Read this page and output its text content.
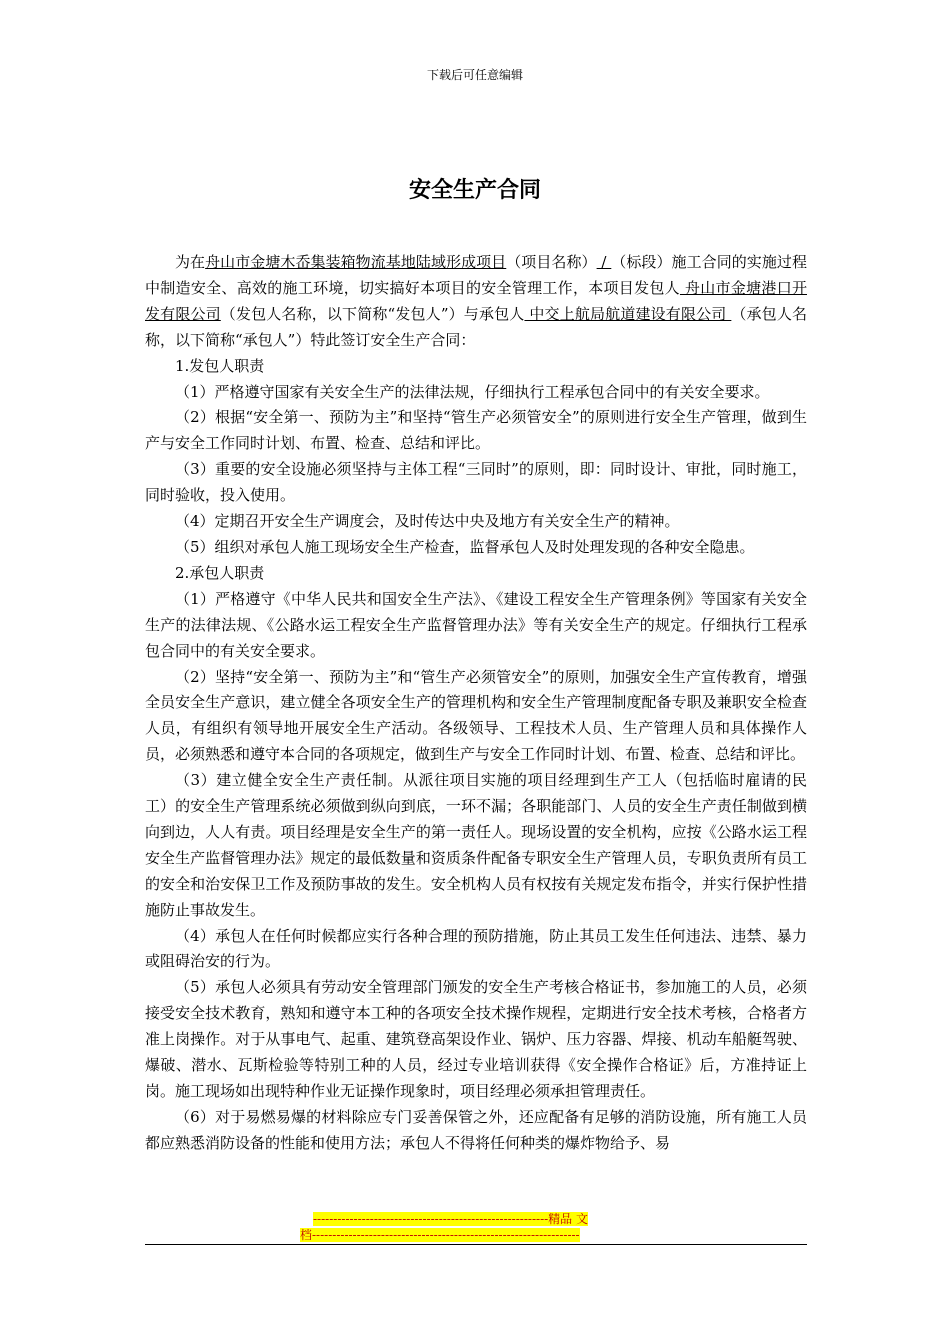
下载后可任意编辑
安全生产合同

为在舟山市金塘木岙集装箱物流基地陆域形成项目（项目名称） / （标段）施工合同的实施过程中制造安全、高效的施工环境，切实搞好本项目的安全管理工作，本项目发包人 舟山市金塘港口开发有限公司（发包人名称，以下简称“发包人”）与承包人 中交上航局航道建设有限公司 （承包人名称，以下简称“承包人”）特此签订安全生产合同：

1.发包人职责

（1）严格遵守国家有关安全生产的法律法规，仔细执行工程承包合同中的有关安全要求。

（2）根据“安全第一、预防为主”和坚持“管生产必须管安全”的原则进行安全生产管理，做到生产与安全工作同时计划、布置、检查、总结和评比。

（3）重要的安全设施必须坚持与主体工程“三同时”的原则，即：同时设计、审批，同时施工，同时验收，投入使用。

（4）定期召开安全生产调度会，及时传达中央及地方有关安全生产的精神。

（5）组织对承包人施工现场安全生产检查，监督承包人及时处理发现的各种安全隐患。

2.承包人职责

（1）严格遵守《中华人民共和国安全生产法》、《建设工程安全生产管理条例》等国家有关安全生产的法律法规、《公路水运工程安全生产监督管理办法》等有关安全生产的规定。仔细执行工程承包合同中的有关安全要求。

（2）坚持“安全第一、预防为主”和“管生产必须管安全”的原则，加强安全生产宣传教育，增强全员安全生产意识，建立健全各项安全生产的管理机构和安全生产管理制度配备专职及兼职安全检查人员，有组织有领导地开展安全生产活动。各级领导、工程技术人员、生产管理人员和具体操作人员，必须熟悉和遵守本合同的各项规定，做到生产与安全工作同时计划、布置、检查、总结和评比。

（3）建立健全安全生产责任制。从派往项目实施的项目经理到生产工人（包括临时雇请的民工）的安全生产管理系统必须做到纵向到底，一环不漏；各职能部门、人员的安全生产责任制做到横向到边，人人有责。项目经理是安全生产的第一责任人。现场设置的安全机构，应按《公路水运工程安全生产监督管理办法》规定的最低数量和资质条件配备专职安全生产管理人员，专职负责所有员工的安全和治安保卫工作及预防事故的发生。安全机构人员有权按有关规定发布指令，并实行保护性措施防止事故发生。

（4）承包人在任何时候都应实行各种合理的预防措施，防止其员工发生任何违法、违禁、暴力或阻碍治安的行为。

（5）承包人必须具有劳动安全管理部门颁发的安全生产考核合格证书，参加施工的人员，必须接受安全技术教育，熟知和遵守本工种的各项安全技术操作规程，定期进行安全技术考核，合格者方准上岗操作。对于从事电气、起重、建筑登高架设作业、锅炉、压力容器、焊接、机动车船艇驾驶、爆破、潜水、瓦斯检验等特别工种的人员，经过专业培训获得《安全操作合格证》后，方准持证上岗。施工现场如出现特种作业无证操作现象时，项目经理必须承担管理责任。

（6）对于易燃易爆的材料除应专门妥善保管之外，还应配备有足够的消防设施，所有施工人员都应熟悉消防设备的性能和使用方法；承包人不得将任何种类的爆炸物给予、易

----------------------------------------------------------精品 文
档------------------------------------------------------------------
